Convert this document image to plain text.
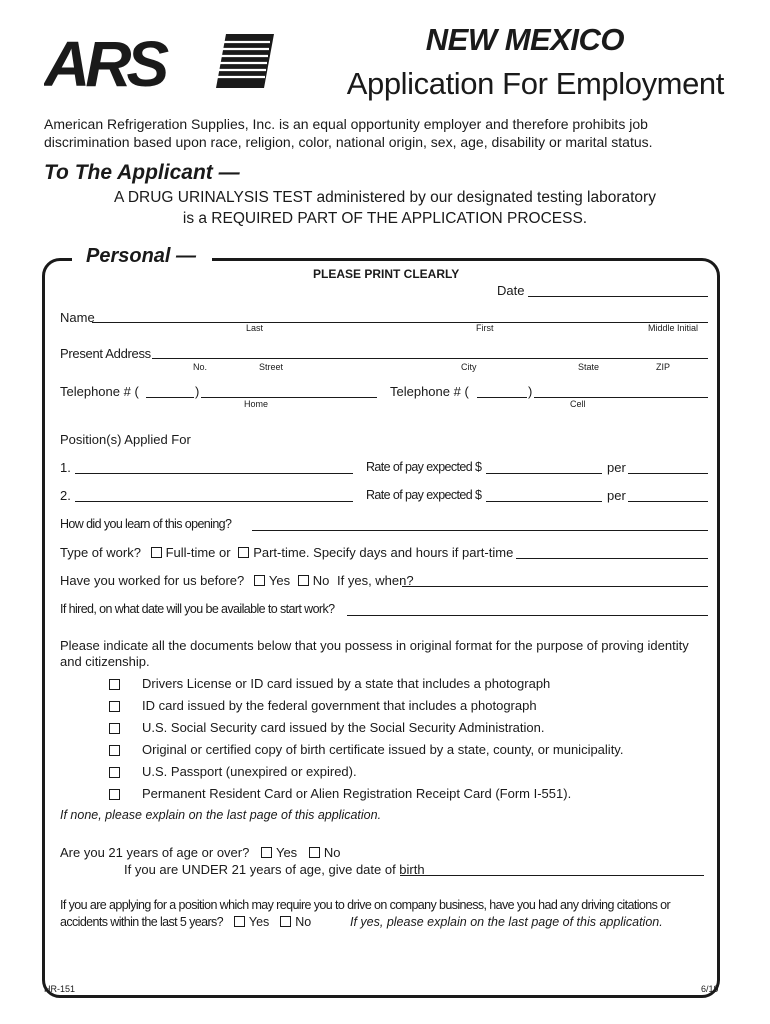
ARS	NEW MEXICO
Application For Employment
American Refrigeration Supplies, Inc. is an equal opportunity employer and therefore prohibits job discrimination based upon race, religion, color, national origin, sex, age, disability or marital status.
To The Applicant —
A DRUG URINALYSIS TEST administered by our designated testing laboratory
is a REQUIRED PART OF THE APPLICATION PROCESS.
Personal —
PLEASE PRINT CLEARLY
Date
Name
Last	First	Middle Initial
Present Address
No.	Street	City	State	ZIP
Telephone # (	)
Home
Telephone # (	)
Cell
Position(s) Applied For
1.	Rate of pay expected $	per
2.	Rate of pay expected $	per
How did you learn of this opening?
Type of work? Full-time or Part-time. Specify days and hours if part-time
Have you worked for us before? Yes No If yes, when?
If hired, on what date will you be available to start work?
Please indicate all the documents below that you possess in original format for the purpose of proving identity and citizenship.
Drivers License or ID card issued by a state that includes a photograph
ID card issued by the federal government that includes a photograph
U.S. Social Security card issued by the Social Security Administration.
Original or certified copy of birth certificate issued by a state, county, or municipality.
U.S. Passport (unexpired or expired).
Permanent Resident Card or Alien Registration Receipt Card (Form I-551).
If none, please explain on the last page of this application.
Are you 21 years of age or over? Yes No
If you are UNDER 21 years of age, give date of birth
If you are applying for a position which may require you to drive on company business, have you had any driving citations or
accidents within the last 5 years? Yes No	If yes, please explain on the last page of this application.
HR-151	6/19
